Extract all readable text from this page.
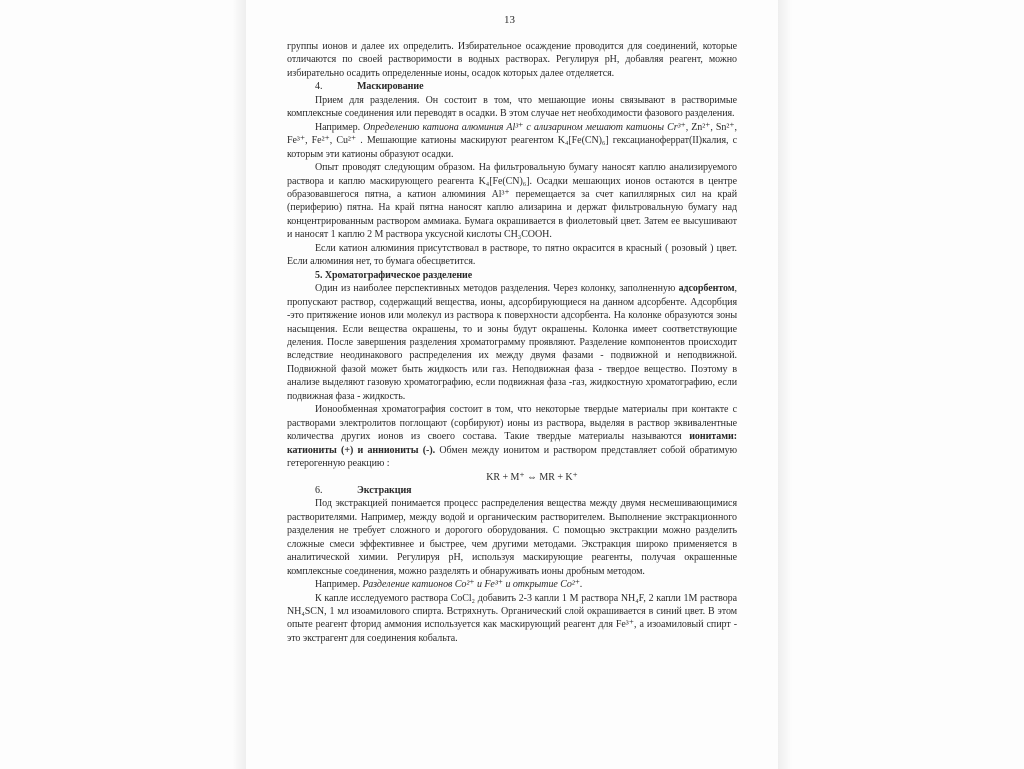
13

группы ионов и далее их определить. Избирательное осаждение проводится для соединений, которые отличаются по своей растворимости в водных растворах. Регулируя pH, добавляя реагент, можно избирательно осадить определенные ионы, осадок которых далее отделяется.

4.	Маскирование

Прием для разделения. Он состоит в том, что мешающие ионы связывают в растворимые комплексные соединения или переводят в осадки. В этом случае нет необходимости фазового разделения.

Например. Определению катиона алюминия Al³⁺ с ализарином мешают катионы Cr³⁺, Zn²⁺, Sn²⁺, Fe³⁺, Fe²⁺, Cu²⁺ . Мешающие катионы маскируют реагентом K₄[Fe(CN)₆] гексацианоферрат(II)калия, с которым эти катионы образуют осадки.

Опыт проводят следующим образом. На фильтровальную бумагу наносят каплю анализируемого раствора и каплю маскирующего реагента K₄[Fe(CN)₆]. Осадки мешающих ионов остаются в центре образовавшегося пятна, а катион алюминия Al³⁺ перемещается за счет капиллярных сил на край (периферию) пятна. На край пятна наносят каплю ализарина и держат фильтровальную бумагу над концентрированным раствором аммиака. Бумага окрашивается в фиолетовый цвет. Затем ее высушивают и наносят 1 каплю 2 М раствора уксусной кислоты CH₃COOH.

Если катион алюминия присутствовал в растворе, то пятно окрасится в красный ( розовый ) цвет. Если алюминия нет, то бумага обесцветится.

5. Хроматографическое разделение

Один из наиболее перспективных методов разделения. Через колонку, заполненную адсорбентом, пропускают раствор, содержащий вещества, ионы, адсорбирующиеся на данном адсорбенте. Адсорбция -это притяжение ионов или молекул из раствора к поверхности адсорбента. На колонке образуются зоны насыщения. Если вещества окрашены, то и зоны будут окрашены. Колонка имеет соответствующие деления. После завершения разделения хроматограмму проявляют. Разделение компонентов происходит вследствие неодинакового распределения их между двумя фазами - подвижной и неподвижной. Подвижной фазой может быть жидкость или газ. Неподвижная фаза - твердое вещество. Поэтому в анализе выделяют газовую хроматографию, если подвижная фаза -газ, жидкостную хроматографию, если подвижная фаза - жидкость.

Ионообменная хроматография состоит в том, что некоторые твердые материалы при контакте с растворами электролитов поглощают (сорбируют) ионы из раствора, выделяя в раствор эквивалентные количества других ионов из своего состава. Такие твердые материалы называются ионитами: катиониты (+) и анниониты (-). Обмен между ионитом и раствором представляет собой обратимую гетерогенную реакцию :

KR + M⁺ ⇔ MR + K⁺

6.	Экстракция

Под экстракцией понимается процесс распределения вещества между двумя несмешивающимися растворителями. Например, между водой и органическим растворителем. Выполнение экстракционного разделения не требует сложного и дорогого оборудования. С помощью экстракции можно разделить сложные смеси эффективнее и быстрее, чем другими методами. Экстракция широко применяется в аналитической химии. Регулируя pH, используя маскирующие реагенты, получая окрашенные комплексные соединения, можно разделять и обнаруживать ионы дробным методом.

Например. Разделение катионов Co²⁺ и Fe³⁺ и открытие Co²⁺.

К капле исследуемого раствора CoCl₂ добавить 2-3 капли 1 М раствора NH₄F, 2 капли 1М раствора NH₄SCN, 1 мл изоамилового спирта. Встряхнуть. Органический слой окрашивается в синий цвет. В этом опыте реагент фторид аммония используется как маскирующий реагент для Fe³⁺, а изоамиловый спирт - это экстрагент для соединения кобальта.
